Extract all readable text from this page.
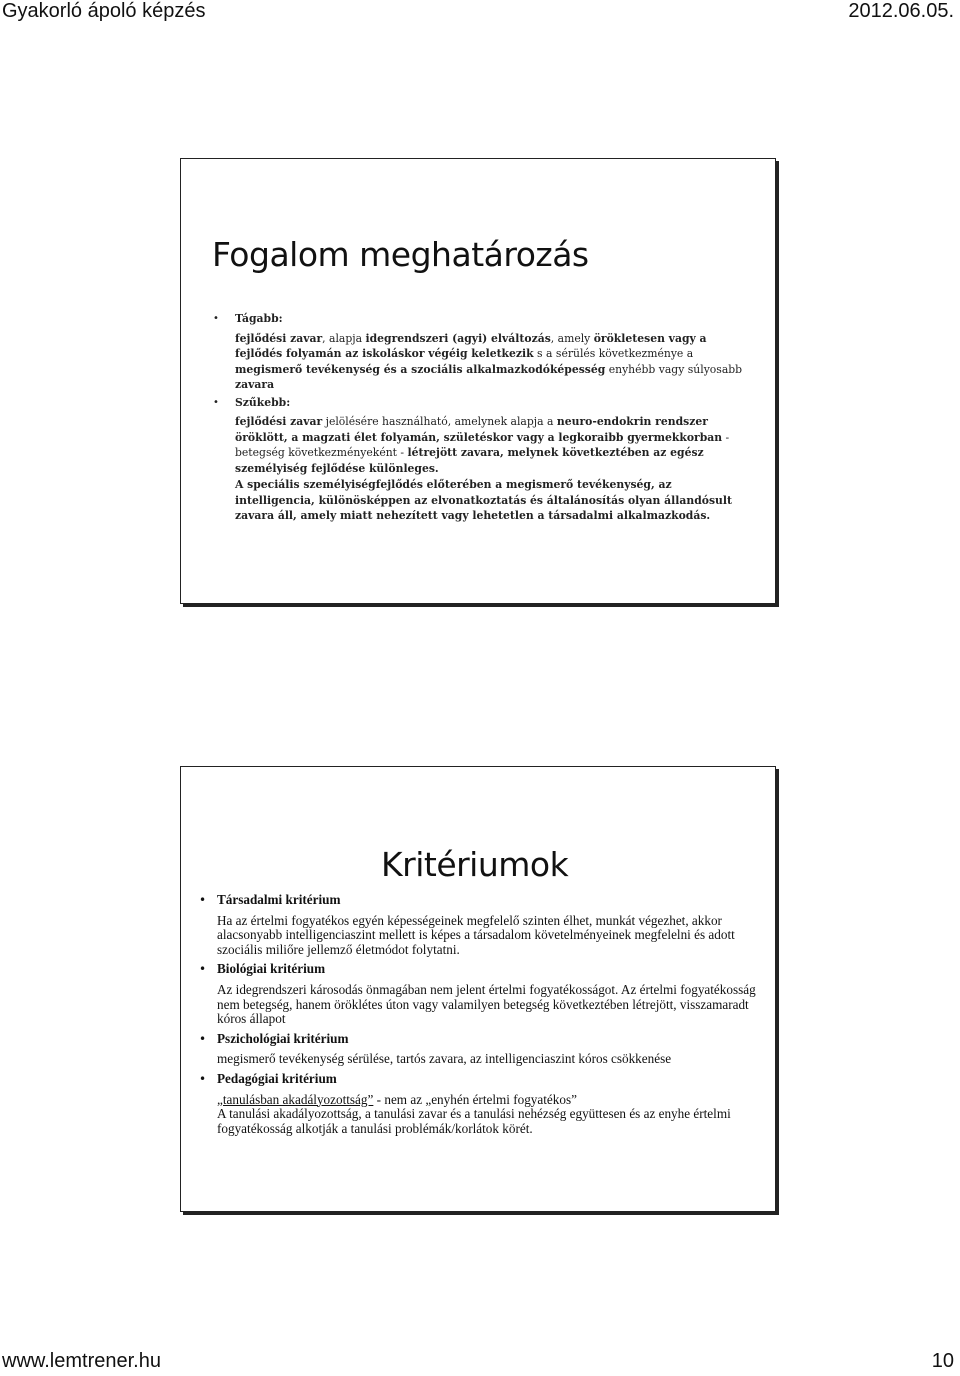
Gyakorló ápoló képzés	2012.06.05.
Fogalom meghatározás
• Tágabb:
fejlődési zavar, alapja idegrendszeri (agyi) elváltozás, amely örökletesen vagy a fejlődés folyamán az iskoláskor végéig keletkezik s a sérülés következménye a megismerő tevékenység és a szociális alkalmazkodóképesség enyhébb vagy súlyosabb zavara
• Szűkebb:
fejlődési zavar jelölésére használható, amelynek alapja a neuro-endokrin rendszer öröklött, a magzati élet folyamán, születéskor vagy a legkoraibb gyermekkorban - betegség következményeként - létrejött zavara, melynek következtében az egész személyiség fejlődése különleges.
A speciális személyiségfejlődés előterében a megismerő tevékenység, az intelligencia, különösképpen az elvonatkoztatás és általánosítás olyan állandósult zavara áll, amely miatt nehezített vagy lehetetlen a társadalmi alkalmazkodás.
Kritériumok
• Társadalmi kritérium
Ha az értelmi fogyatékos egyén képességeinek megfelelő szinten élhet, munkát végezhet, akkor alacsonyabb intelligenciaszint mellett is képes a társadalom követelményeinek megfelelni és adott szociális miliőre jellemző életmódot folytatni.
• Biológiai kritérium
Az idegrendszeri károsodás önmagában nem jelent értelmi fogyatékosságot. Az értelmi fogyatékosság nem betegség, hanem öröklétes úton vagy valamilyen betegség következtében létrejött, visszamaradt kóros állapot
• Pszichológiai kritérium
megismerő tevékenység sérülése, tartós zavara, az intelligenciaszint kóros csökkenése
• Pedagógiai kritérium
„tanulásban akadályozottság” - nem az „enyhén értelmi fogyatékos”
A tanulási akadályozottság, a tanulási zavar és a tanulási nehézség együttesen és az enyhe értelmi fogyatékosság alkotják a tanulási problémák/korlátok körét.
www.lemtrener.hu	10
